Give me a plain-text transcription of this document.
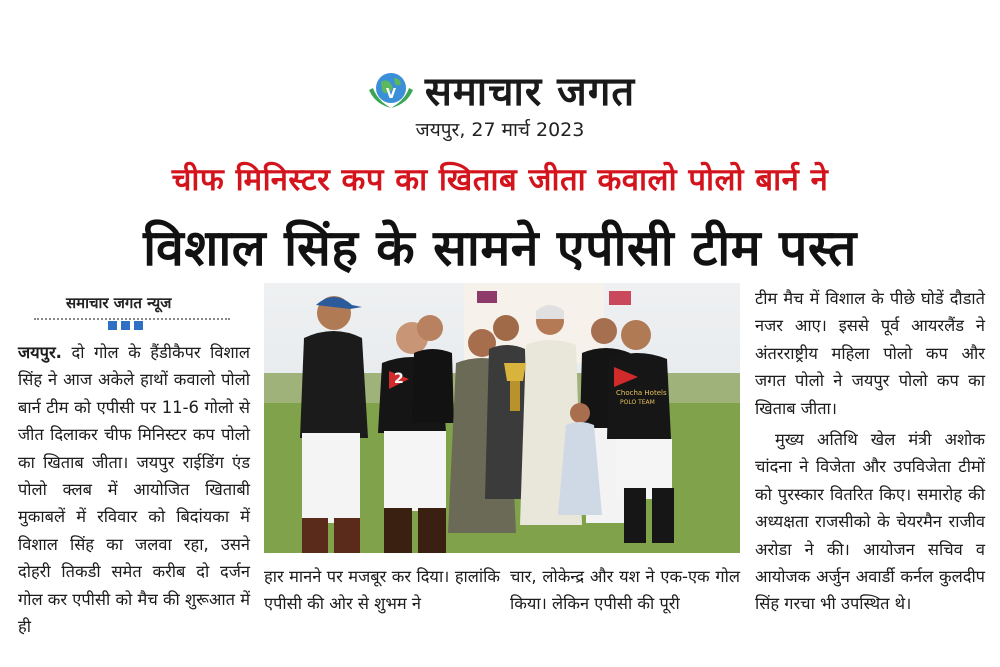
V समाचार जगत
जयपुर, 27 मार्च 2023
चीफ मिनिस्टर कप का खिताब जीता कवालो पोलो बार्न ने
विशाल सिंह के सामने एपीसी टीम पस्त
समाचार जगत न्यूज

जयपुर. दो गोल के हैंडीकैपर विशाल सिंह ने आज अकेले हाथों कवालो पोलो बार्न टीम को एपीसी पर 11-6 गोलो से जीत दिलाकर चीफ मिनिस्टर कप पोलो का खिताब जीता। जयपुर राईडिंग एंड पोलो क्लब में आयोजित खिताबी मुकाबलें में रविवार को बिदांयका में विशाल सिंह का जलवा रहा, उसने दोहरी तिकडी समेत करीब दो दर्जन गोल कर एपीसी को मैच की शुरूआत में ही

2
Chocha Hotels
POLO TEAM
हार मानने पर मजबूर कर दिया। हालांकि एपीसी की ओर से शुभम ने
चार, लोकेन्द्र और यश ने एक-एक गोल किया। लेकिन एपीसी की पूरी

टीम मैच में विशाल के पीछे घोडें दौडाते नजर आए। इससे पूर्व आयरलैंड ने अंतरराष्ट्रीय महिला पोलो कप और जगत पोलो ने जयपुर पोलो कप का खिताब जीता।

मुख्य अतिथि खेल मंत्री अशोक चांदना ने विजेता और उपविजेता टीमों को पुरस्कार वितरित किए। समारोह की अध्यक्षता राजसीको के चेयरमैन राजीव अरोडा ने की। आयोजन सचिव व आयोजक अर्जुन अवार्डी कर्नल कुलदीप सिंह गरचा भी उपस्थित थे।
